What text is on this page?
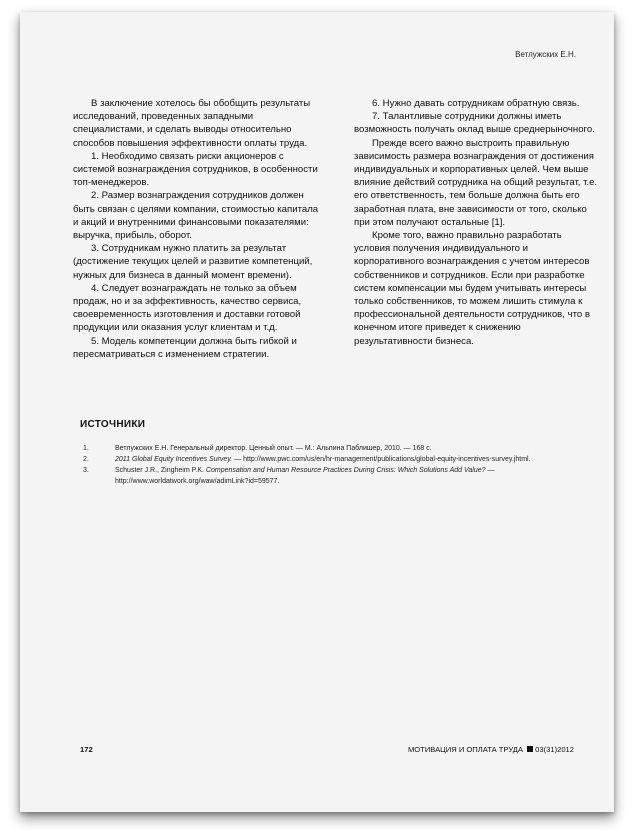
Ветлужских Е.Н.

В заключение хотелось бы обобщить результаты исследований, проведенных западными специалистами, и сделать выводы относительно способов повышения эффективности оплаты труда.

1. Необходимо связать риски акционеров с системой вознаграждения сотрудников, в особенности топ-менеджеров.

2. Размер вознаграждения сотрудников должен быть связан с целями компании, стоимостью капитала и акций и внутренними финансовыми показателями: выручка, прибыль, оборот.

3. Сотрудникам нужно платить за результат (достижение текущих целей и развитие компетенций, нужных для бизнеса в данный момент времени).

4. Следует вознаграждать не только за объем продаж, но и за эффективность, качество сервиса, своевременность изготовления и доставки готовой продукции или оказания услуг клиентам и т.д.

5. Модель компетенции должна быть гибкой и пересматриваться с изменением стратегии.

6. Нужно давать сотрудникам обратную связь.

7. Талантливые сотрудники должны иметь возможность получать оклад выше среднерыночного.

Прежде всего важно выстроить правильную зависимость размера вознаграждения от достижения индивидуальных и корпоративных целей. Чем выше влияние действий сотрудника на общий результат, т.е. его ответственность, тем больше должна быть его заработная плата, вне зависимости от того, сколько при этом получают остальные [1].

Кроме того, важно правильно разработать условия получения индивидуального и корпоративного вознаграждения с учетом интересов собственников и сотрудников. Если при разработке систем компенсации мы будем учитывать интересы только собственников, то можем лишить стимула к профессиональной деятельности сотрудников, что в конечном итоге приведет к снижению результативности бизнеса.

ИСТОЧНИКИ
1.	Ветлужских Е.Н. Генеральный директор. Ценный опыт. — М.: Альпина Паблишер, 2010. — 168 с.
2.	2011 Global Equity Incentives Survey. — http://www.pwc.com/us/en/hr-management/publications/global-equity-incentives-survey.jhtml.
3.	Schuster J.R., Zingheim P.K. Compensation and Human Resource Practices During Crisis: Which Solutions Add Value? — http://www.worldatwork.org/waw/adimLink?id=59577.
172	МОТИВАЦИЯ И ОПЛАТА ТРУДА 03(31)2012
